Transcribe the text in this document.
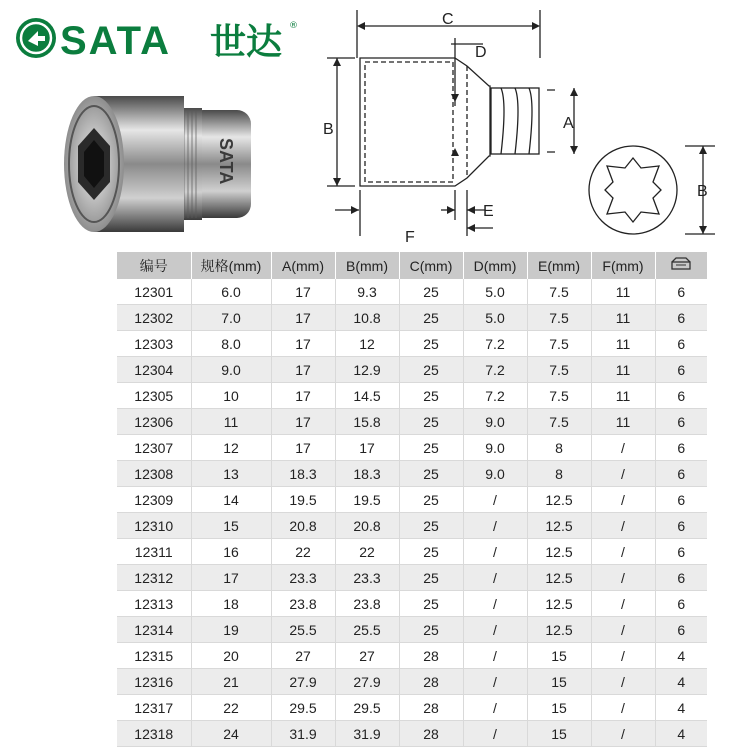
SATA 世达 ®
SATA
C
D
B
E
F
A
B
编号	规格(mm)	A(mm)	B(mm)	C(mm)	D(mm)	E(mm)	F(mm)	
12301	6.0	17	9.3	25	5.0	7.5	11	6
12302	7.0	17	10.8	25	5.0	7.5	11	6
12303	8.0	17	12	25	7.2	7.5	11	6
12304	9.0	17	12.9	25	7.2	7.5	11	6
12305	10	17	14.5	25	7.2	7.5	11	6
12306	11	17	15.8	25	9.0	7.5	11	6
12307	12	17	17	25	9.0	8	/	6
12308	13	18.3	18.3	25	9.0	8	/	6
12309	14	19.5	19.5	25	/	12.5	/	6
12310	15	20.8	20.8	25	/	12.5	/	6
12311	16	22	22	25	/	12.5	/	6
12312	17	23.3	23.3	25	/	12.5	/	6
12313	18	23.8	23.8	25	/	12.5	/	6
12314	19	25.5	25.5	25	/	12.5	/	6
12315	20	27	27	28	/	15	/	4
12316	21	27.9	27.9	28	/	15	/	4
12317	22	29.5	29.5	28	/	15	/	4
12318	24	31.9	31.9	28	/	15	/	4
